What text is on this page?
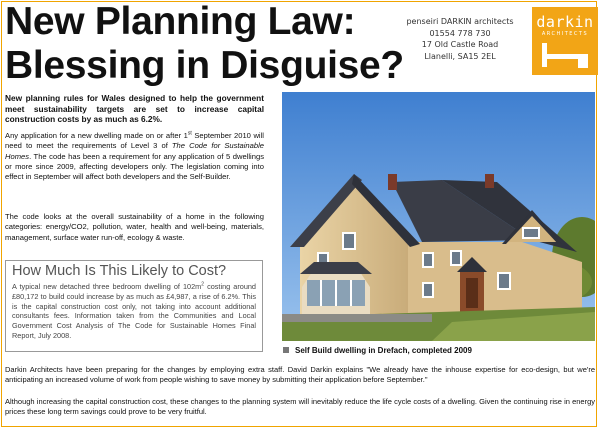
New Planning Law:
Blessing in Disguise?
penseiri DARKIN architects
01554 778 730
17 Old Castle Road
Llanelli, SA15 2EL
darkin
ARCHITECTS

New planning rules for Wales designed to help the government meet sustainability targets are set to increase capital construction costs by as much as 6.2%.

Any application for a new dwelling made on or after 1st September 2010 will need to meet the requirements of Level 3 of The Code for Sustainable Homes. The code has been a requirement for any application of 5 dwellings or more since 2009, affecting developers only. The legislation coming into effect in September will affect both developers and the Self-Builder.

The code looks at the overall sustainability of a home in the following categories: energy/CO2, pollution, water, health and well-being, materials, management, surface water run-off, ecology & waste.

How Much Is This Likely to Cost?

A typical new detached three bedroom dwelling of $102m^2$ costing around £80,172 to build could increase by as much as £4,987, a rise of 6.2%. This is the capital construction cost only, not taking into account additional consultants fees. Information taken from the Communities and Local Government Cost Analysis of The Code for Sustainable Homes Final Report, July 2008.

Self Build dwelling in Drefach, completed 2009

Darkin Architects have been preparing for the changes by employing extra staff. David Darkin explains "We already have the inhouse expertise for eco-design, but we're anticipating an increased volume of work from people wishing to save money by submitting their application before September."

Although increasing the capital construction cost, these changes to the planning system will inevitably reduce the life cycle costs of a dwelling. Given the continuing rise in energy prices these long term savings could prove to be very fruitful.
